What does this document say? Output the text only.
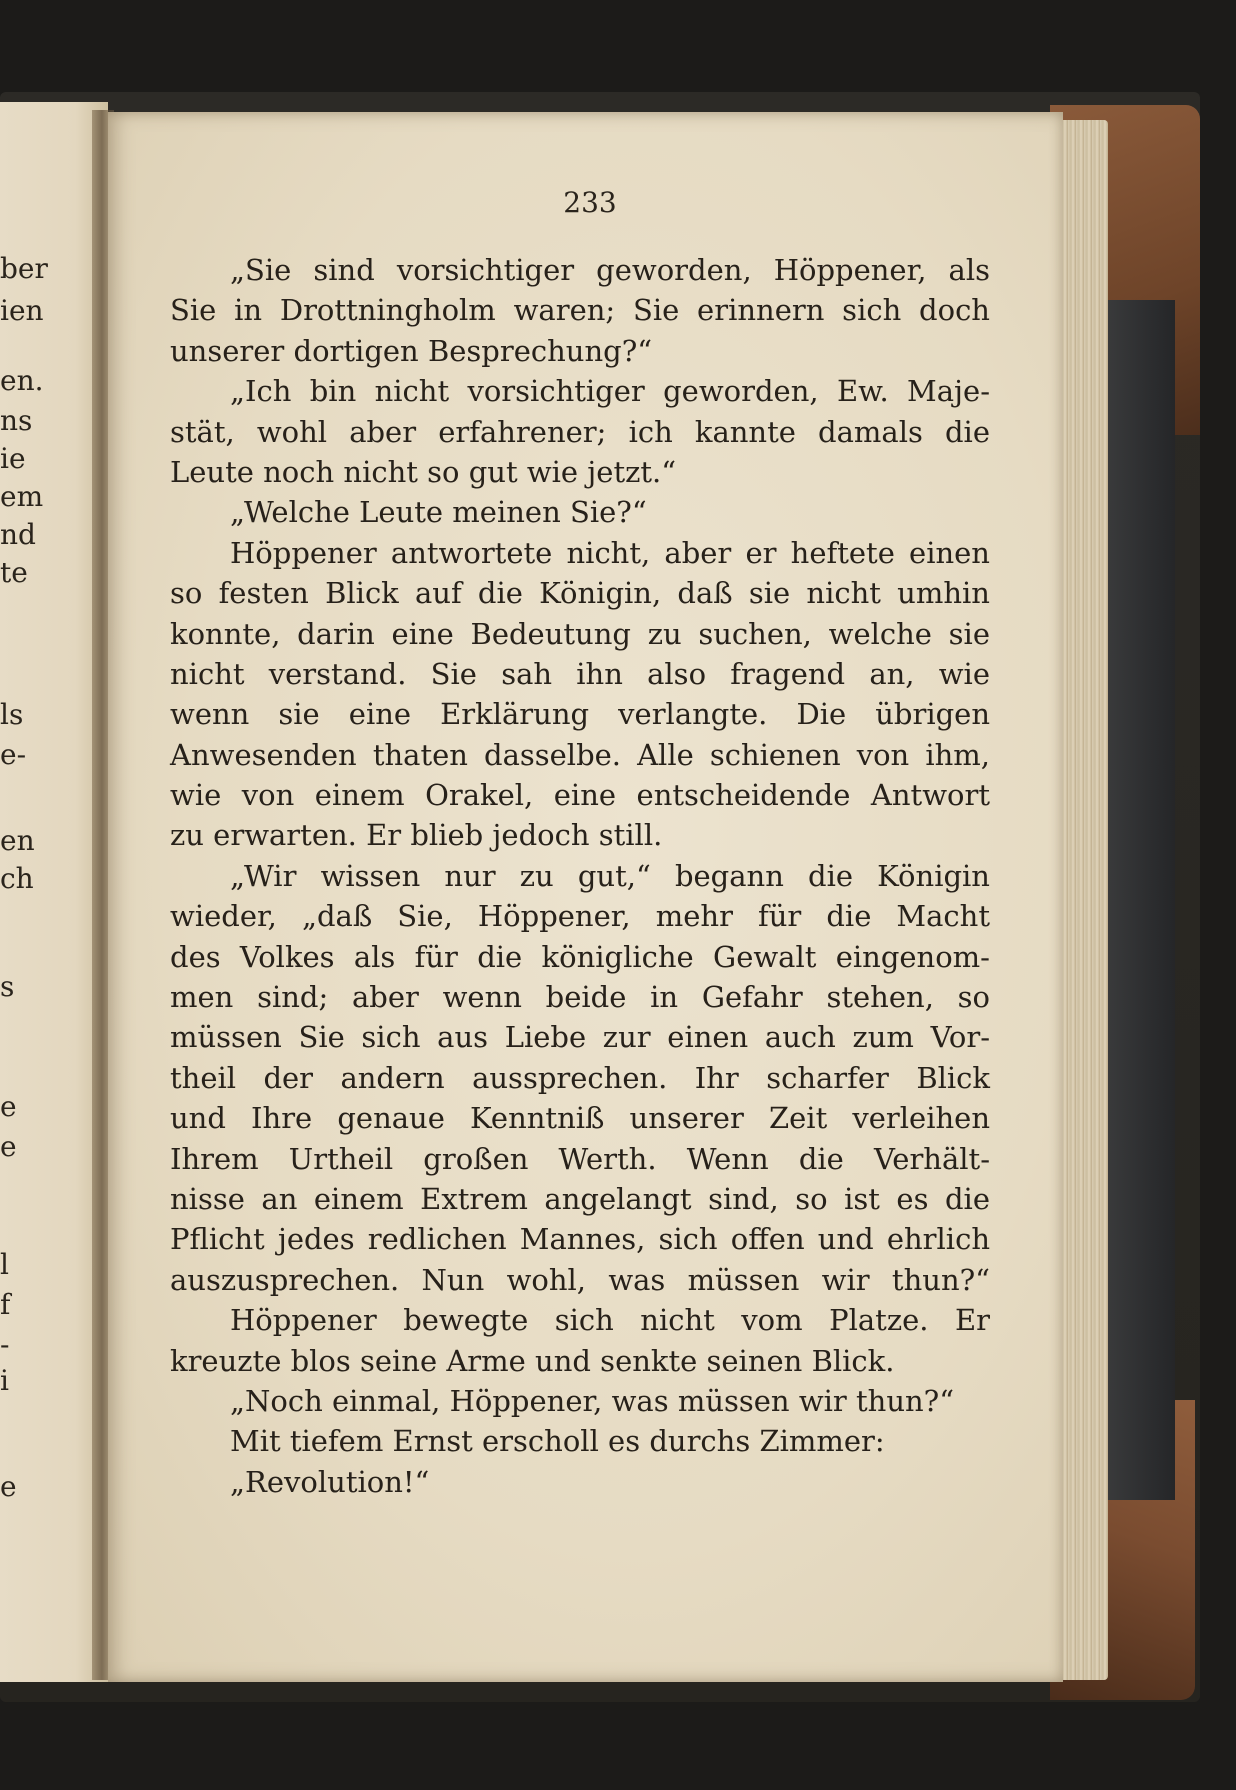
ber
ien
en.
ns
ie
em
nd
te
ls
e-
en
ch
s
e
e
l
f
-
i
e
233
„Sie sind vorsichtiger geworden, Höppener, als
Sie in Drottningholm waren; Sie erinnern sich doch
unserer dortigen Besprechung?“
„Ich bin nicht vorsichtiger geworden, Ew. Maje-
stät, wohl aber erfahrener; ich kannte damals die
Leute noch nicht so gut wie jetzt.“
„Welche Leute meinen Sie?“
Höppener antwortete nicht, aber er heftete einen
so festen Blick auf die Königin, daß sie nicht umhin
konnte, darin eine Bedeutung zu suchen, welche sie
nicht verstand. Sie sah ihn also fragend an, wie
wenn sie eine Erklärung verlangte. Die übrigen
Anwesenden thaten dasselbe. Alle schienen von ihm,
wie von einem Orakel, eine entscheidende Antwort
zu erwarten. Er blieb jedoch still.
„Wir wissen nur zu gut,“ begann die Königin
wieder, „daß Sie, Höppener, mehr für die Macht
des Volkes als für die königliche Gewalt eingenom-
men sind; aber wenn beide in Gefahr stehen, so
müssen Sie sich aus Liebe zur einen auch zum Vor-
theil der andern aussprechen. Ihr scharfer Blick
und Ihre genaue Kenntniß unserer Zeit verleihen
Ihrem Urtheil großen Werth. Wenn die Verhält-
nisse an einem Extrem angelangt sind, so ist es die
Pflicht jedes redlichen Mannes, sich offen und ehrlich
auszusprechen. Nun wohl, was müssen wir thun?“
Höppener bewegte sich nicht vom Platze. Er
kreuzte blos seine Arme und senkte seinen Blick.
„Noch einmal, Höppener, was müssen wir thun?“
Mit tiefem Ernst erscholl es durchs Zimmer:
„Revolution!“
